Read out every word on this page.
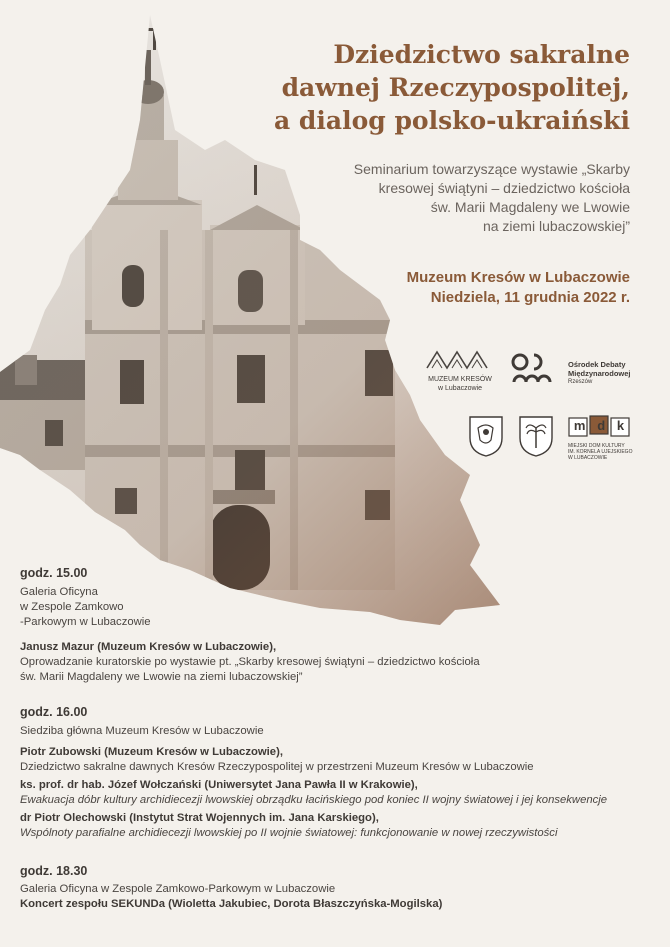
Dziedzictwo sakralne
dawnej Rzeczypospolitej,
a dialog polsko-ukraiński
Seminarium towarzyszące wystawie „Skarby
kresowej świątyni – dziedzictwo kościoła
św. Marii Magdaleny we Lwowie
na ziemi lubaczowskiej”
Muzeum Kresów w Lubaczowie
Niedziela, 11 grudnia 2022 r.
MUZEUM KRESÓW
w Lubaczowie
Ośrodek Debaty
Międzynarodowej
Rzeszów
m d k
MIEJSKI DOM KULTURY
IM. KORNELA UJEJSKIEGO
W LUBACZOWIE
godz. 15.00
Galeria Oficyna
w Zespole Zamkowo
-Parkowym w Lubaczowie
Janusz Mazur (Muzeum Kresów w Lubaczowie),
Oprowadzanie kuratorskie po wystawie pt. „Skarby kresowej świątyni – dziedzictwo kościoła
św. Marii Magdaleny we Lwowie na ziemi lubaczowskiej”
godz. 16.00
Siedziba główna Muzeum Kresów w Lubaczowie
Piotr Zubowski (Muzeum Kresów w Lubaczowie),
Dziedzictwo sakralne dawnych Kresów Rzeczypospolitej w przestrzeni Muzeum Kresów w Lubaczowie
ks. prof. dr hab. Józef Wołczański (Uniwersytet Jana Pawła II w Krakowie),
Ewakuacja dóbr kultury archidiecezji lwowskiej obrządku łacińskiego pod koniec II wojny światowej i jej konsekwencje
dr Piotr Olechowski (Instytut Strat Wojennych im. Jana Karskiego),
Wspólnoty parafialne archidiecezji lwowskiej po II wojnie światowej: funkcjonowanie w nowej rzeczywistości
godz. 18.30
Galeria Oficyna w Zespole Zamkowo-Parkowym w Lubaczowie
Koncert zespołu SEKUNDa (Wioletta Jakubiec, Dorota Błaszczyńska-Mogilska)
